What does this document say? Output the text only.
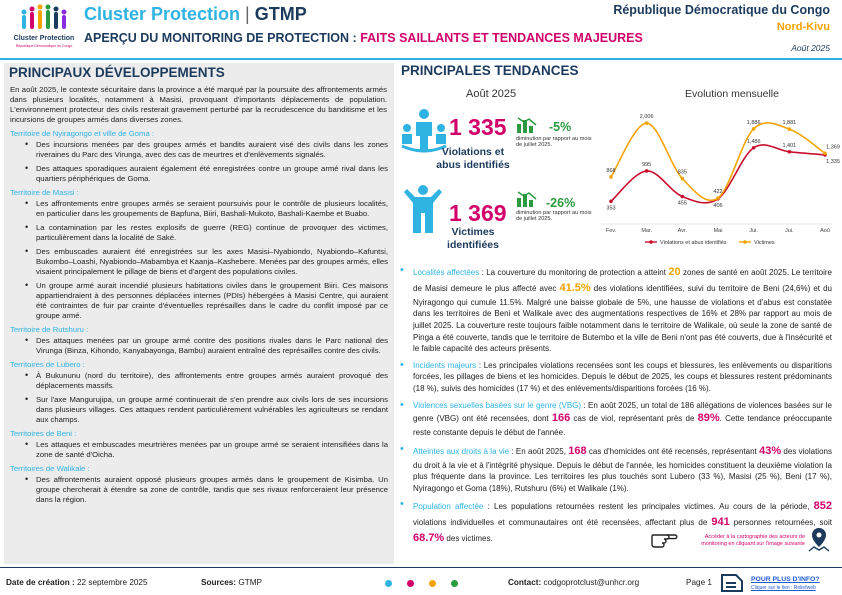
Cluster Protection
République Démocratique du Congo
Cluster Protection | GTMP
APERÇU DU MONITORING DE PROTECTION : FAITS SAILLANTS ET TENDANCES MAJEURES
République Démocratique du Congo
Nord-Kivu
Août 2025
PRINCIPAUX DÉVELOPPEMENTS
En août 2025, le contexte sécuritaire dans la province a été marqué par la poursuite des affrontements armés dans plusieurs localités, notamment à Masisi, provoquant d'importants déplacements de population. L'environnement protecteur des civils resterait gravement perturbé par la recrudescence du banditisme et les incursions de groupes armés dans diverses zones.
Territoire de Nyiragongo et ville de Goma :
• Des incursions menées par des groupes armés et bandits auraient visé des civils dans les zones riveraines du Parc des Virunga, avec des cas de meurtres et d'enlèvements signalés.
• Des attaques sporadiques auraient également été enregistrées contre un groupe armé rival dans les quartiers périphériques de Goma.
Territoire de Masisi :
• Les affrontements entre groupes armés se seraient poursuivis pour le contrôle de plusieurs localités, en particulier dans les groupements de Bapfuna, Biiri, Bashali-Mukoto, Bashali-Kaembe et Buabo.
• La contamination par les restes explosifs de guerre (REG) continue de provoquer des victimes, particulièrement dans la localité de Saké.
• Des embuscades auraient été enregistrées sur les axes Masisi–Nyabiondo, Nyabiondo–Kafuntsi, Bukombo–Loashi, Nyabiondo–Mabambya et Kaanja–Kashebere. Menées par des groupes armés, elles visaient principalement le pillage de biens et d'argent des populations civiles.
• Un groupe armé aurait incendié plusieurs habitations civiles dans le groupement Biiri. Ces maisons appartiendraient à des personnes déplacées internes (PDIs) hébergées à Masisi Centre, qui auraient été contraintes de fuir par crainte d'éventuelles représailles dans le cadre du conflit imposé par ce groupe armé.
Territoire de Rutshuru :
• Des attaques menées par un groupe armé contre des positions rivales dans le Parc national des Virunga (Binza, Kihondo, Kanyabayonga, Bambu) auraient entraîné des représailles contre des civils.
Territoires de Lubero :
• À Bukununu (nord du territoire), des affrontements entre groupes armés auraient provoqué des déplacements massifs.
• Sur l'axe Mangurujipa, un groupe armé continuerait de s'en prendre aux civils lors de ses incursions dans plusieurs villages. Ces attaques rendent particulièrement vulnérables les agriculteurs se rendant aux champs.
Territoires de Beni :
• Les attaques et embuscades meurtrières menées par un groupe armé se seraient intensifiées dans la zone de santé d'Oicha.
Territoires de Walikale :
• Des affrontements auraient opposé plusieurs groupes armés dans le groupement de Kisimba. Un groupe chercherait à étendre sa zone de contrôle, tandis que ses rivaux renforceraient leur présence dans la région.
PRINCIPALES TENDANCES
Août 2025
1 335
Violations et abus identifiés
-5%
diminution par rapport au mois de juillet 2025.
1 369
Victimes identifiées
-26%
diminution par rapport au mois de juillet 2025.
Evolution mensuelle
Fev.	Mar.	Avr.	Mai	Jui.	Jui.	Aoû
353
995
455	406
1,486
1,401
1,335
868
2,006
835
422
1,886	1,881
1,369
Violations et abus identifiés	Victimes
• Localités affectées : La couverture du monitoring de protection a atteint 20 zones de santé en août 2025. Le territoire de Masisi demeure le plus affecté avec 41.5% des violations identifiées, suivi du territoire de Beni (24,6%) et du Nyiragongo qui cumule 11.5%. Malgré une baisse globale de 5%, une hausse de violations et d'abus est constatée dans les territoires de Beni et Walikale avec des augmentations respectives de 16% et 28% par rapport au mois de juillet 2025. La couverture reste toujours faible notamment dans le territoire de Walikale, où seule la zone de santé de Pinga a été couverte, tandis que le territoire de Butembo et la ville de Beni n'ont pas été couverts, due à l'insécurité et le faible capacité des acteurs présents.
• Incidents majeurs : Les principales violations recensées sont les coups et blessures, les enlèvements ou disparitions forcées, les pillages de biens et les homicides. Depuis le début de 2025, les coups et blessures restent prédominants (18 %), suivis des homicides (17 %) et des enlèvements/disparitions forcées (16 %).
• Violences sexuelles basées sur le genre (VBG) : En août 2025, un total de 186 allégations de violences basées sur le genre (VBG) ont été recensées, dont 166 cas de viol, représentant près de 89%. Cette tendance préoccupante reste constante depuis le début de l'année.
• Atteintes aux droits à la vie : En août 2025, 168 cas d'homicides ont été recensés, représentant 43% des violations du droit à la vie et à l'intégrité physique. Depuis le début de l'année, les homicides constituent la deuxième violation la plus fréquente dans la province. Les territoires les plus touchés sont Lubero (33 %), Masisi (25 %), Beni (17 %), Nyiragongo et Goma (18%), Rutshuru (6%) et Walikale (1%).
• Population affectée : Les populations retournées restent les principales victimes. Au cours de la période, 852 violations individuelles et communautaires ont été recensées, affectant plus de 941 personnes retournées, soit 68.7% des victimes.	Accéder à la cartographie des acteurs de monitoring en cliquant sur l'image suivante
Date de création : 22 septembre 2025	Sources: GTMP	Contact: codgoprotclust@unhcr.org	Page 1	POUR PLUS D'INFO?
Cliquer sur le lien : Reliefweb
